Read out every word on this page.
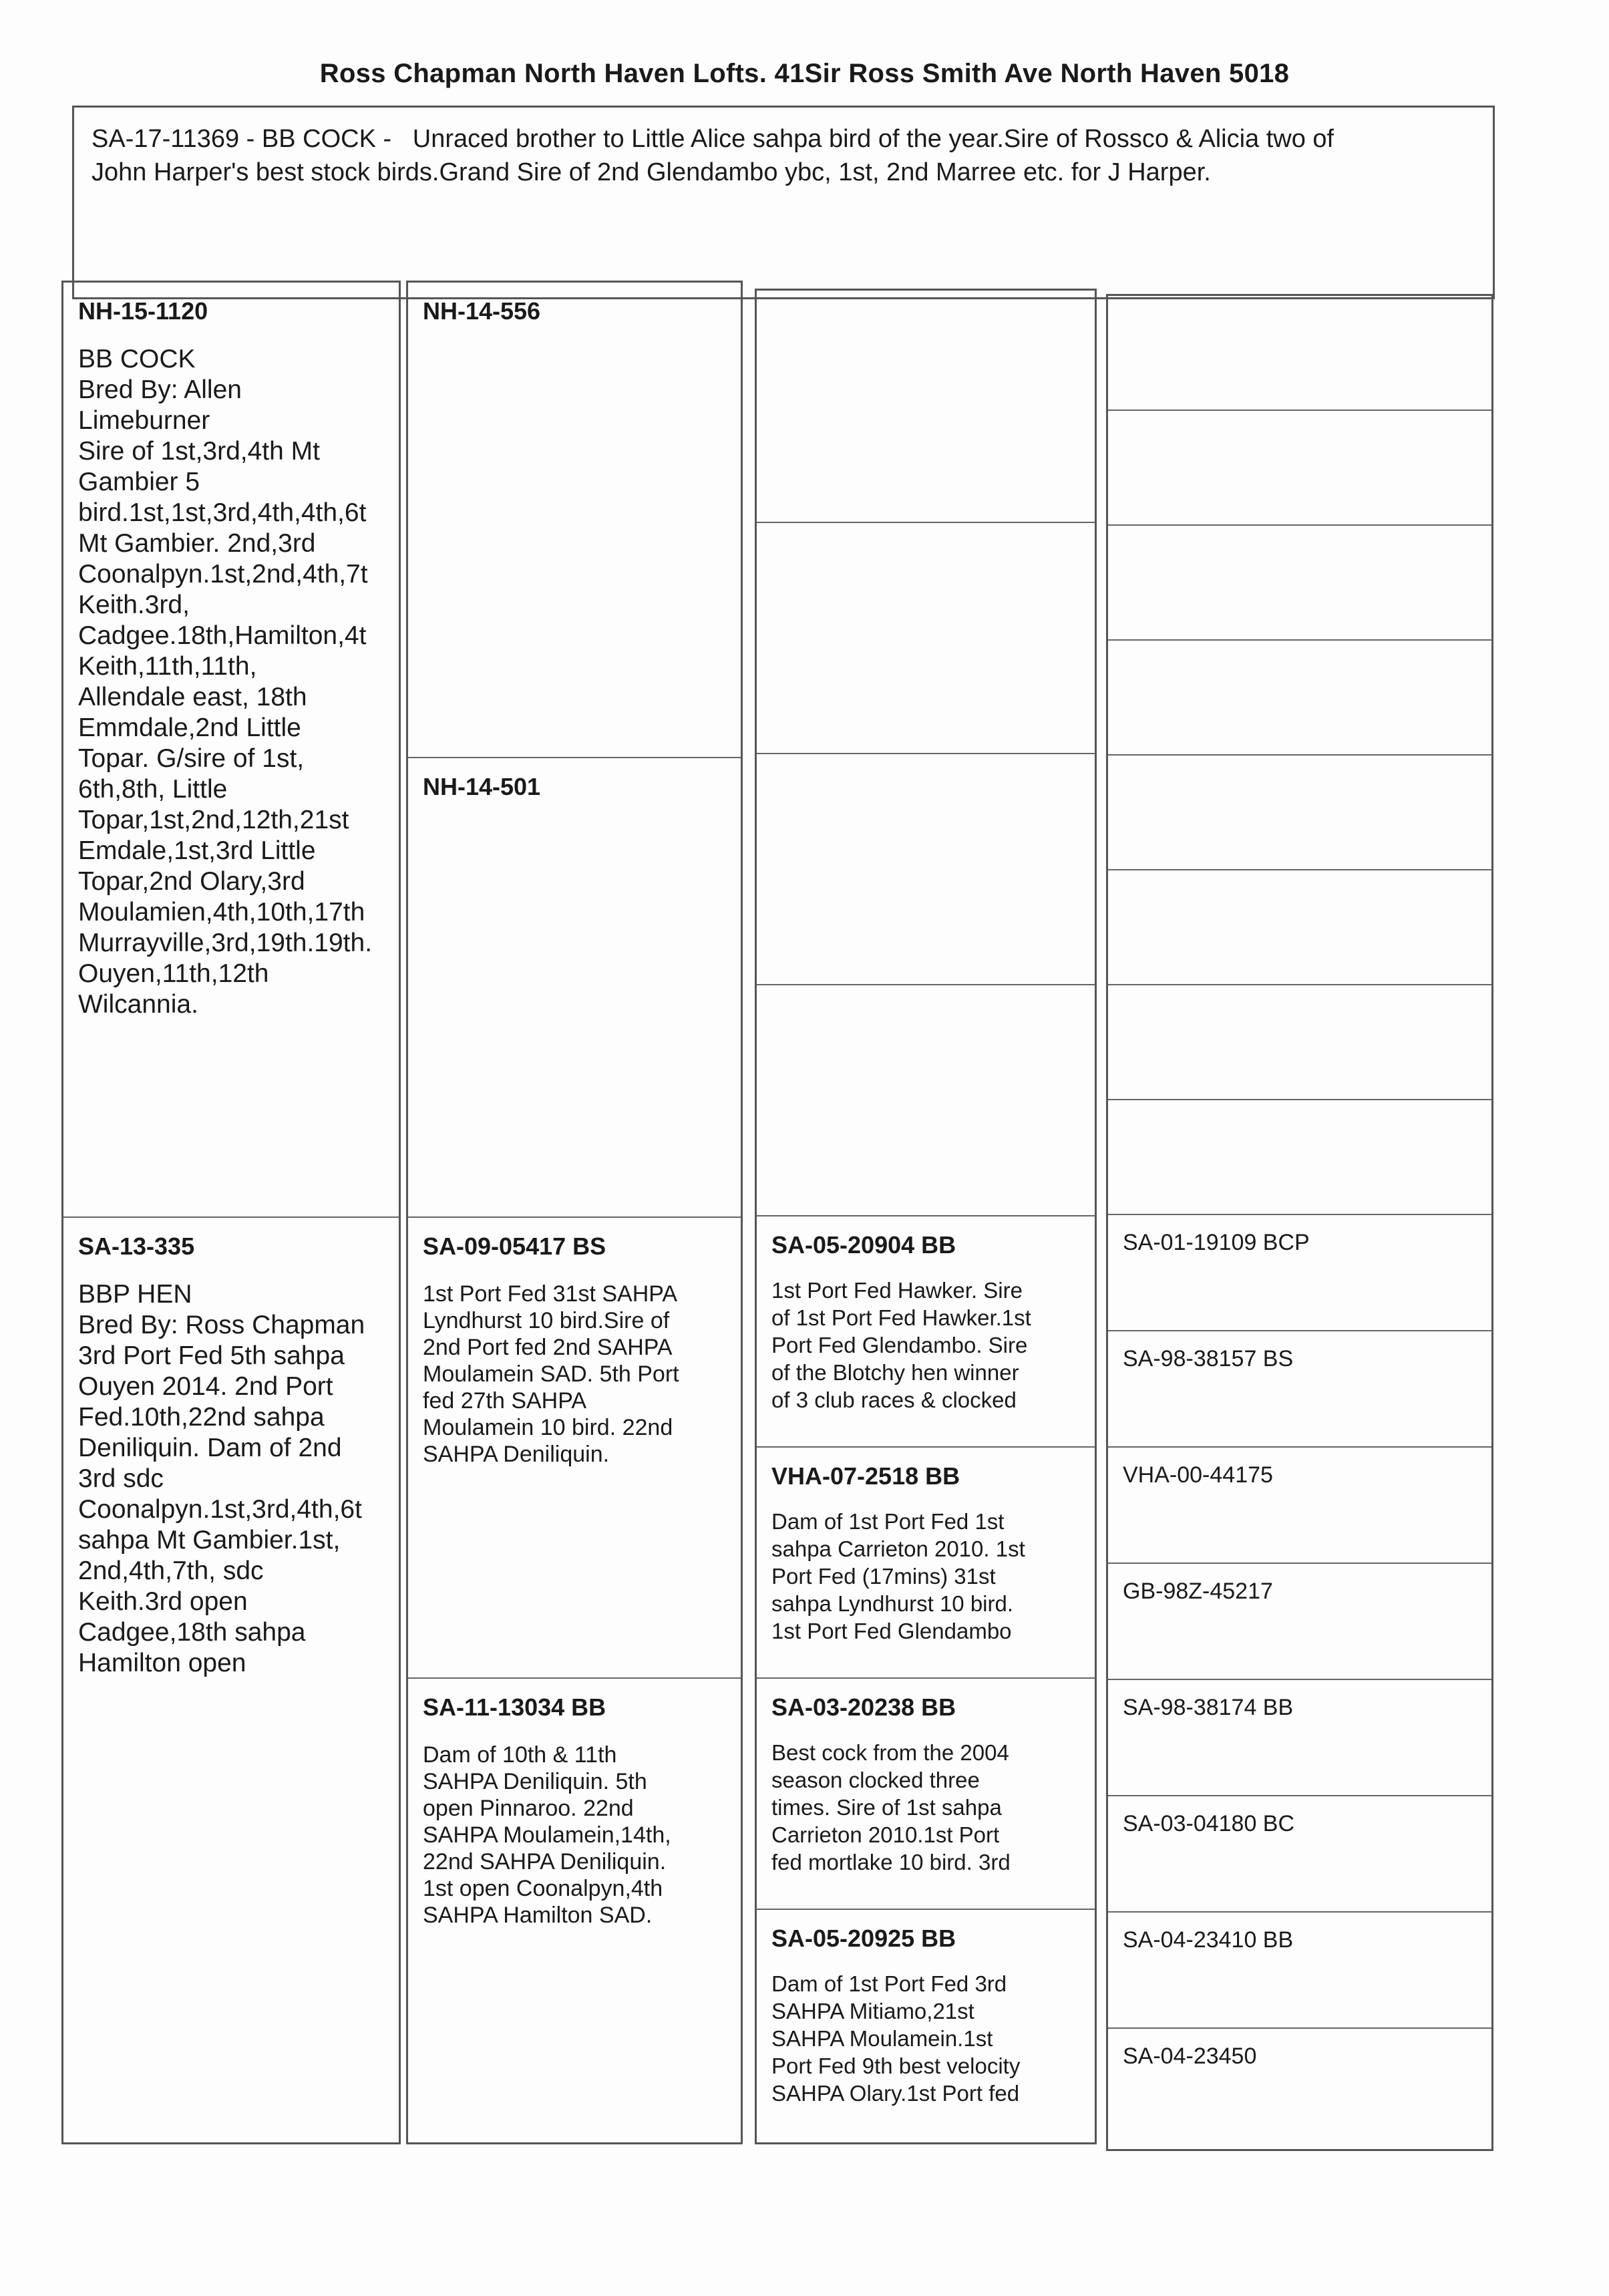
Ross Chapman North Haven Lofts. 41Sir Ross Smith Ave North Haven 5018
SA-17-11369 - BB COCK -   Unraced brother to Little Alice sahpa bird of the year.Sire of Rossco & Alicia two of
John Harper's best stock birds.Grand Sire of 2nd Glendambo ybc, 1st, 2nd Marree etc. for J Harper.
NH-15-1120
BB COCK
Bred By: Allen
Limeburner
Sire of 1st,3rd,4th Mt
Gambier 5
bird.1st,1st,3rd,4th,4th,6t
Mt Gambier. 2nd,3rd
Coonalpyn.1st,2nd,4th,7t
Keith.3rd,
Cadgee.18th,Hamilton,4t
Keith,11th,11th,
Allendale east, 18th
Emmdale,2nd Little
Topar. G/sire of 1st,
6th,8th, Little
Topar,1st,2nd,12th,21st
Emdale,1st,3rd Little
Topar,2nd Olary,3rd
Moulamien,4th,10th,17th
Murrayville,3rd,19th.19th.
Ouyen,11th,12th
Wilcannia.
SA-13-335
BBP HEN
Bred By: Ross Chapman
3rd Port Fed 5th sahpa
Ouyen 2014. 2nd Port
Fed.10th,22nd sahpa
Deniliquin. Dam of 2nd
3rd sdc
Coonalpyn.1st,3rd,4th,6t
sahpa Mt Gambier.1st,
2nd,4th,7th, sdc
Keith.3rd open
Cadgee,18th sahpa
Hamilton open
NH-14-556
NH-14-501
SA-09-05417 BS
1st Port Fed 31st SAHPA
Lyndhurst 10 bird.Sire of
2nd Port fed 2nd SAHPA
Moulamein SAD. 5th Port
fed 27th SAHPA
Moulamein 10 bird. 22nd
SAHPA Deniliquin.
SA-11-13034 BB
Dam of 10th & 11th
SAHPA Deniliquin. 5th
open Pinnaroo. 22nd
SAHPA Moulamein,14th,
22nd SAHPA Deniliquin.
1st open Coonalpyn,4th
SAHPA Hamilton SAD.
SA-05-20904 BB
1st Port Fed Hawker. Sire
of 1st Port Fed Hawker.1st
Port Fed Glendambo. Sire
of the Blotchy hen winner
of 3 club races & clocked
VHA-07-2518 BB
Dam of 1st Port Fed 1st
sahpa Carrieton 2010. 1st
Port Fed (17mins) 31st
sahpa Lyndhurst 10 bird.
1st Port Fed Glendambo
SA-03-20238 BB
Best cock from the 2004
season clocked three
times. Sire of 1st sahpa
Carrieton 2010.1st Port
fed mortlake 10 bird. 3rd
SA-05-20925 BB
Dam of 1st Port Fed 3rd
SAHPA Mitiamo,21st
SAHPA Moulamein.1st
Port Fed 9th best velocity
SAHPA Olary.1st Port fed
SA-01-19109 BCP
SA-98-38157 BS
VHA-00-44175
GB-98Z-45217
SA-98-38174 BB
SA-03-04180 BC
SA-04-23410 BB
SA-04-23450
